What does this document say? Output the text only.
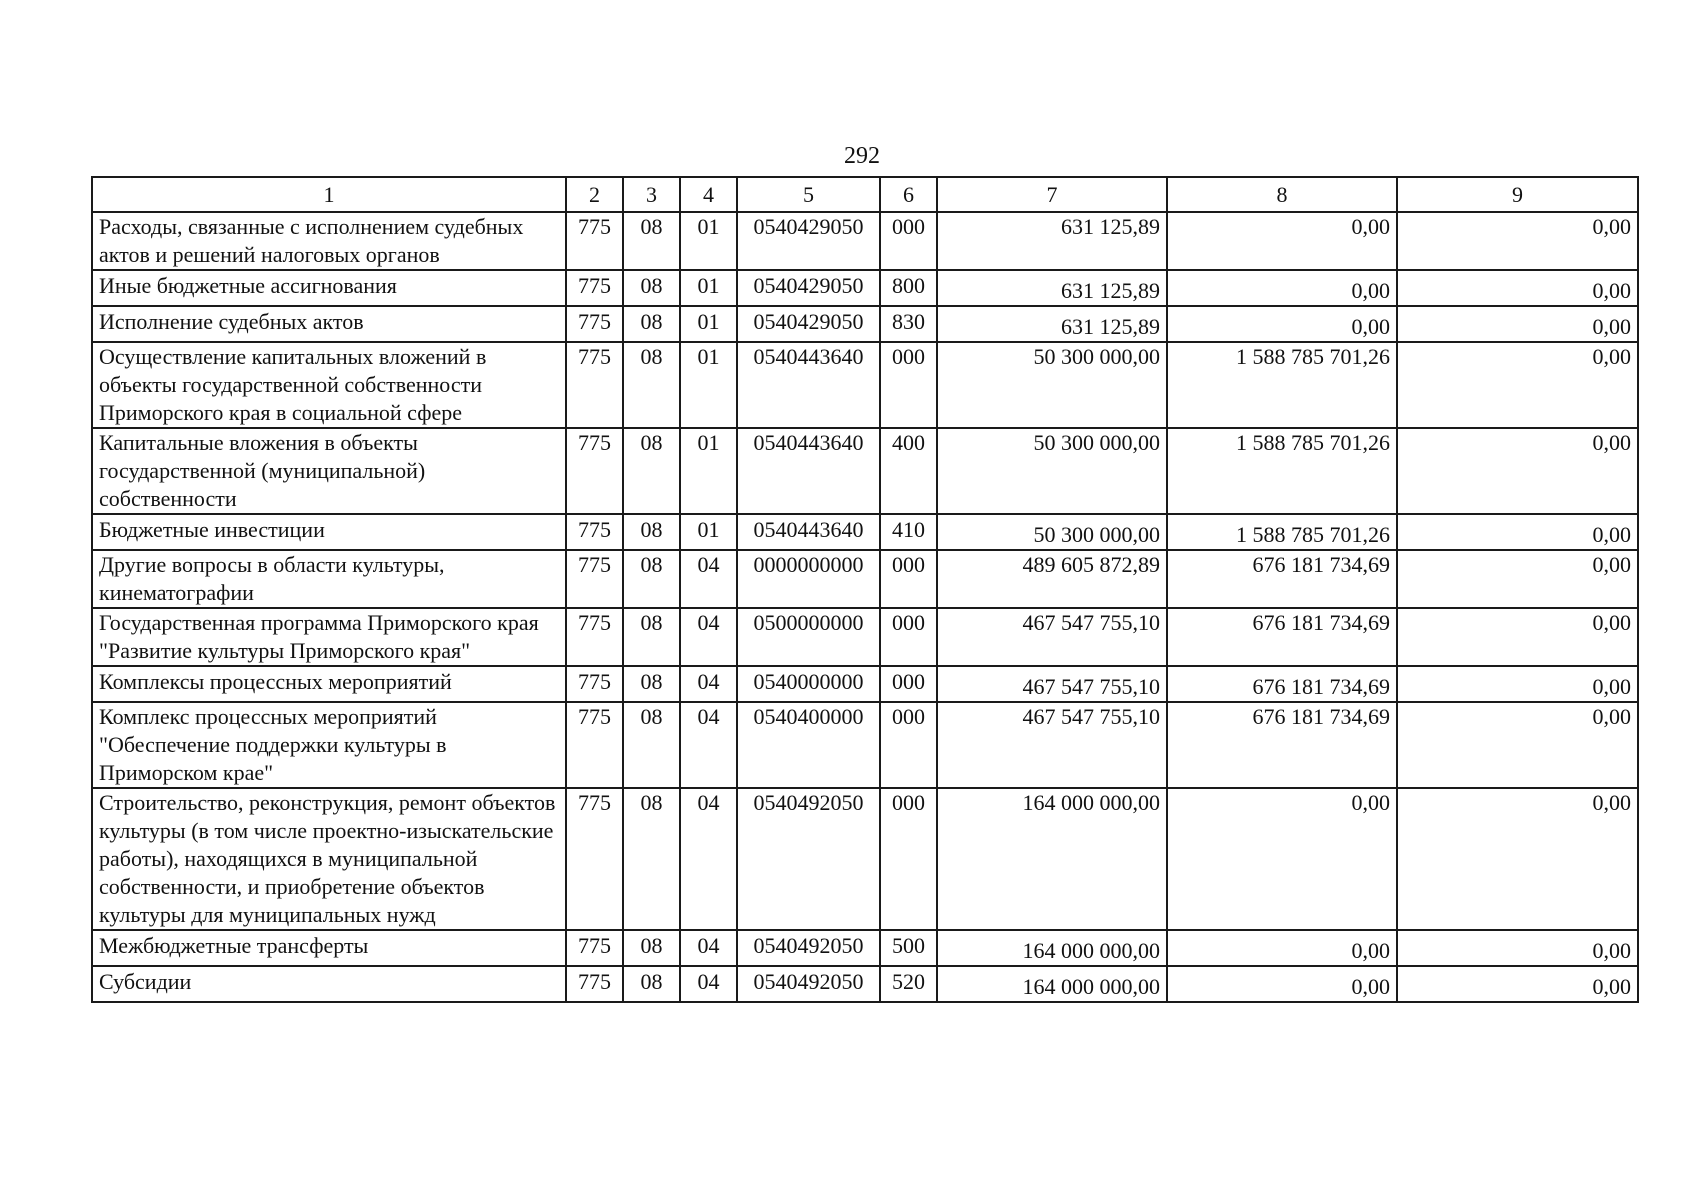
292
1	2	3	4	5	6	7	8	9
Расходы, связанные с исполнением судебных актов и решений налоговых органов	775	08	01	0540429050	000	631 125,89	0,00	0,00
Иные бюджетные ассигнования	775	08	01	0540429050	800	631 125,89	0,00	0,00
Исполнение судебных актов	775	08	01	0540429050	830	631 125,89	0,00	0,00
Осуществление капитальных вложений в объекты государственной собственности Приморского края в социальной сфере	775	08	01	0540443640	000	50 300 000,00	1 588 785 701,26	0,00
Капитальные вложения в объекты государственной (муниципальной) собственности	775	08	01	0540443640	400	50 300 000,00	1 588 785 701,26	0,00
Бюджетные инвестиции	775	08	01	0540443640	410	50 300 000,00	1 588 785 701,26	0,00
Другие вопросы в области культуры, кинематографии	775	08	04	0000000000	000	489 605 872,89	676 181 734,69	0,00
Государственная программа Приморского края "Развитие культуры Приморского края"	775	08	04	0500000000	000	467 547 755,10	676 181 734,69	0,00
Комплексы процессных мероприятий	775	08	04	0540000000	000	467 547 755,10	676 181 734,69	0,00
Комплекс процессных мероприятий "Обеспечение поддержки культуры в Приморском крае"	775	08	04	0540400000	000	467 547 755,10	676 181 734,69	0,00
Строительство, реконструкция, ремонт объектов культуры (в том числе проектно-изыскательские работы), находящихся в муниципальной собственности, и приобретение объектов культуры для муниципальных нужд	775	08	04	0540492050	000	164 000 000,00	0,00	0,00
Межбюджетные трансферты	775	08	04	0540492050	500	164 000 000,00	0,00	0,00
Субсидии	775	08	04	0540492050	520	164 000 000,00	0,00	0,00
